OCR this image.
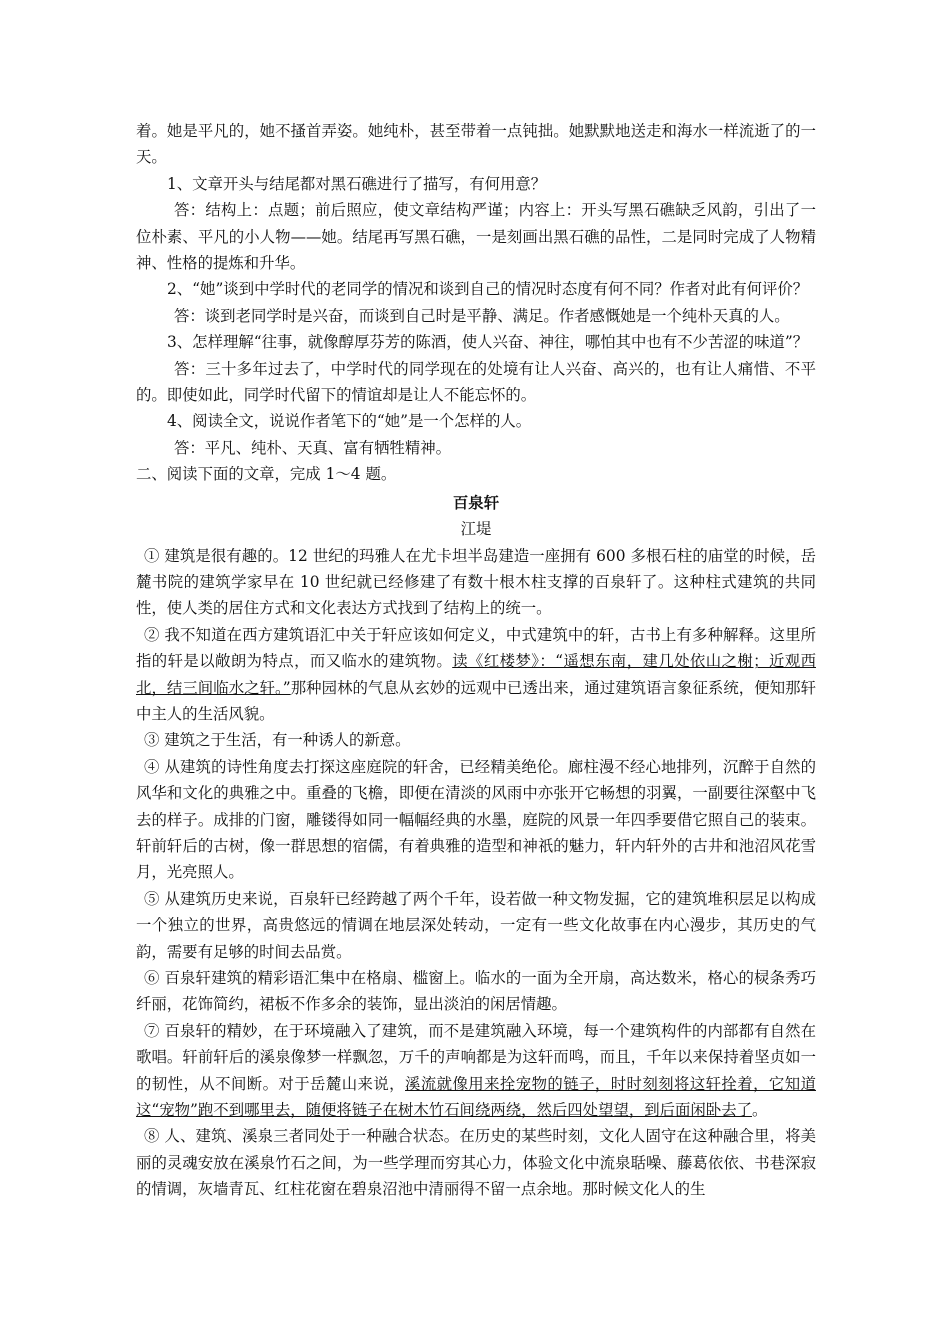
着。她是平凡的，她不搔首弄姿。她纯朴，甚至带着一点钝拙。她默默地送走和海水一样流逝了的一天。

1、文章开头与结尾都对黑石礁进行了描写，有何用意？

答：结构上：点题；前后照应，使文章结构严谨；内容上：开头写黑石礁缺乏风韵，引出了一位朴素、平凡的小人物——她。结尾再写黑石礁，一是刻画出黑石礁的品性，二是同时完成了人物精神、性格的提炼和升华。

2、“她”谈到中学时代的老同学的情况和谈到自己的情况时态度有何不同？作者对此有何评价？

答：谈到老同学时是兴奋，而谈到自己时是平静、满足。作者感慨她是一个纯朴天真的人。

3、怎样理解“往事，就像醇厚芬芳的陈酒，使人兴奋、神往，哪怕其中也有不少苦涩的味道”？

答：三十多年过去了，中学时代的同学现在的处境有让人兴奋、高兴的，也有让人痛惜、不平的。即使如此，同学时代留下的情谊却是让人不能忘怀的。

4、阅读全文，说说作者笔下的“她”是一个怎样的人。

答：平凡、纯朴、天真、富有牺牲精神。

二、阅读下面的文章，完成 1～4 题。

百泉轩

江堤

① 建筑是很有趣的。12 世纪的玛雅人在尤卡坦半岛建造一座拥有 600 多根石柱的庙堂的时候，岳麓书院的建筑学家早在 10 世纪就已经修建了有数十根木柱支撑的百泉轩了。这种柱式建筑的共同性，使人类的居住方式和文化表达方式找到了结构上的统一。

② 我不知道在西方建筑语汇中关于轩应该如何定义，中式建筑中的轩，古书上有多种解释。这里所指的轩是以敞朗为特点，而又临水的建筑物。读《红楼梦》：“遥想东南，建几处依山之榭；近观西北，结三间临水之轩。”那种园林的气息从玄妙的远观中已透出来，通过建筑语言象征系统，便知那轩中主人的生活风貌。

③ 建筑之于生活，有一种诱人的新意。

④ 从建筑的诗性角度去打探这座庭院的轩舍，已经精美绝伦。廊柱漫不经心地排列，沉醉于自然的风华和文化的典雅之中。重叠的飞檐，即便在清淡的风雨中亦张开它畅想的羽翼，一副要往深壑中飞去的样子。成排的门窗，雕镂得如同一幅幅经典的水墨，庭院的风景一年四季要借它照自己的装束。轩前轩后的古树，像一群思想的宿儒，有着典雅的造型和神祇的魅力，轩内轩外的古井和池沼风花雪月，光亮照人。

⑤ 从建筑历史来说，百泉轩已经跨越了两个千年，设若做一种文物发掘，它的建筑堆积层足以构成一个独立的世界，高贵悠远的情调在地层深处转动，一定有一些文化故事在内心漫步，其历史的气韵，需要有足够的时间去品赏。

⑥ 百泉轩建筑的精彩语汇集中在格扇、槛窗上。临水的一面为全开扇，高达数米，格心的棂条秀巧纤丽，花饰简约，裙板不作多余的装饰，显出淡泊的闲居情趣。

⑦ 百泉轩的精妙，在于环境融入了建筑，而不是建筑融入环境，每一个建筑构件的内部都有自然在歌唱。轩前轩后的溪泉像梦一样飘忽，万千的声响都是为这轩而鸣，而且，千年以来保持着坚贞如一的韧性，从不间断。对于岳麓山来说，溪流就像用来拴宠物的链子，时时刻刻将这轩拴着，它知道这“宠物”跑不到哪里去，随便将链子在树木竹石间绕两绕，然后四处望望，到后面闲卧去了。

⑧ 人、建筑、溪泉三者同处于一种融合状态。在历史的某些时刻，文化人固守在这种融合里，将美丽的灵魂安放在溪泉竹石之间，为一些学理而穷其心力，体验文化中流泉聒噪、藤葛依依、书巷深寂的情调，灰墙青瓦、红柱花窗在碧泉沼池中清丽得不留一点余地。那时候文化人的生
